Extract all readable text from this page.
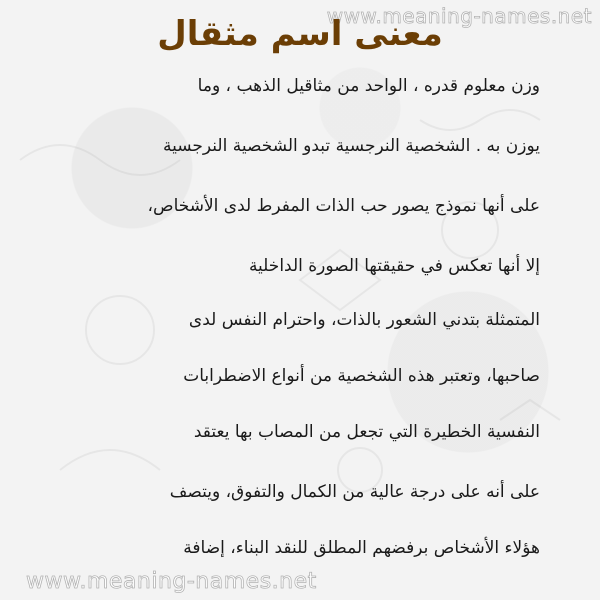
www.meaning-names.net
معنى اسم مثقال
وزن معلوم قدره ، الواحد من مثاقيل الذهب ، وما
يوزن به . الشخصية النرجسية تبدو الشخصية النرجسية
على أنها نموذج يصور حب الذات المفرط لدى الأشخاص،
إلا أنها تعكس في حقيقتها الصورة الداخلية
المتمثلة بتدني الشعور بالذات، واحترام النفس لدى
صاحبها، وتعتبر هذه الشخصية من أنواع الاضطرابات
النفسية الخطيرة التي تجعل من المصاب بها يعتقد
على أنه على درجة عالية من الكمال والتفوق، ويتصف
هؤلاء الأشخاص برفضهم المطلق للنقد البناء، إضافة
www.meaning-names.net
